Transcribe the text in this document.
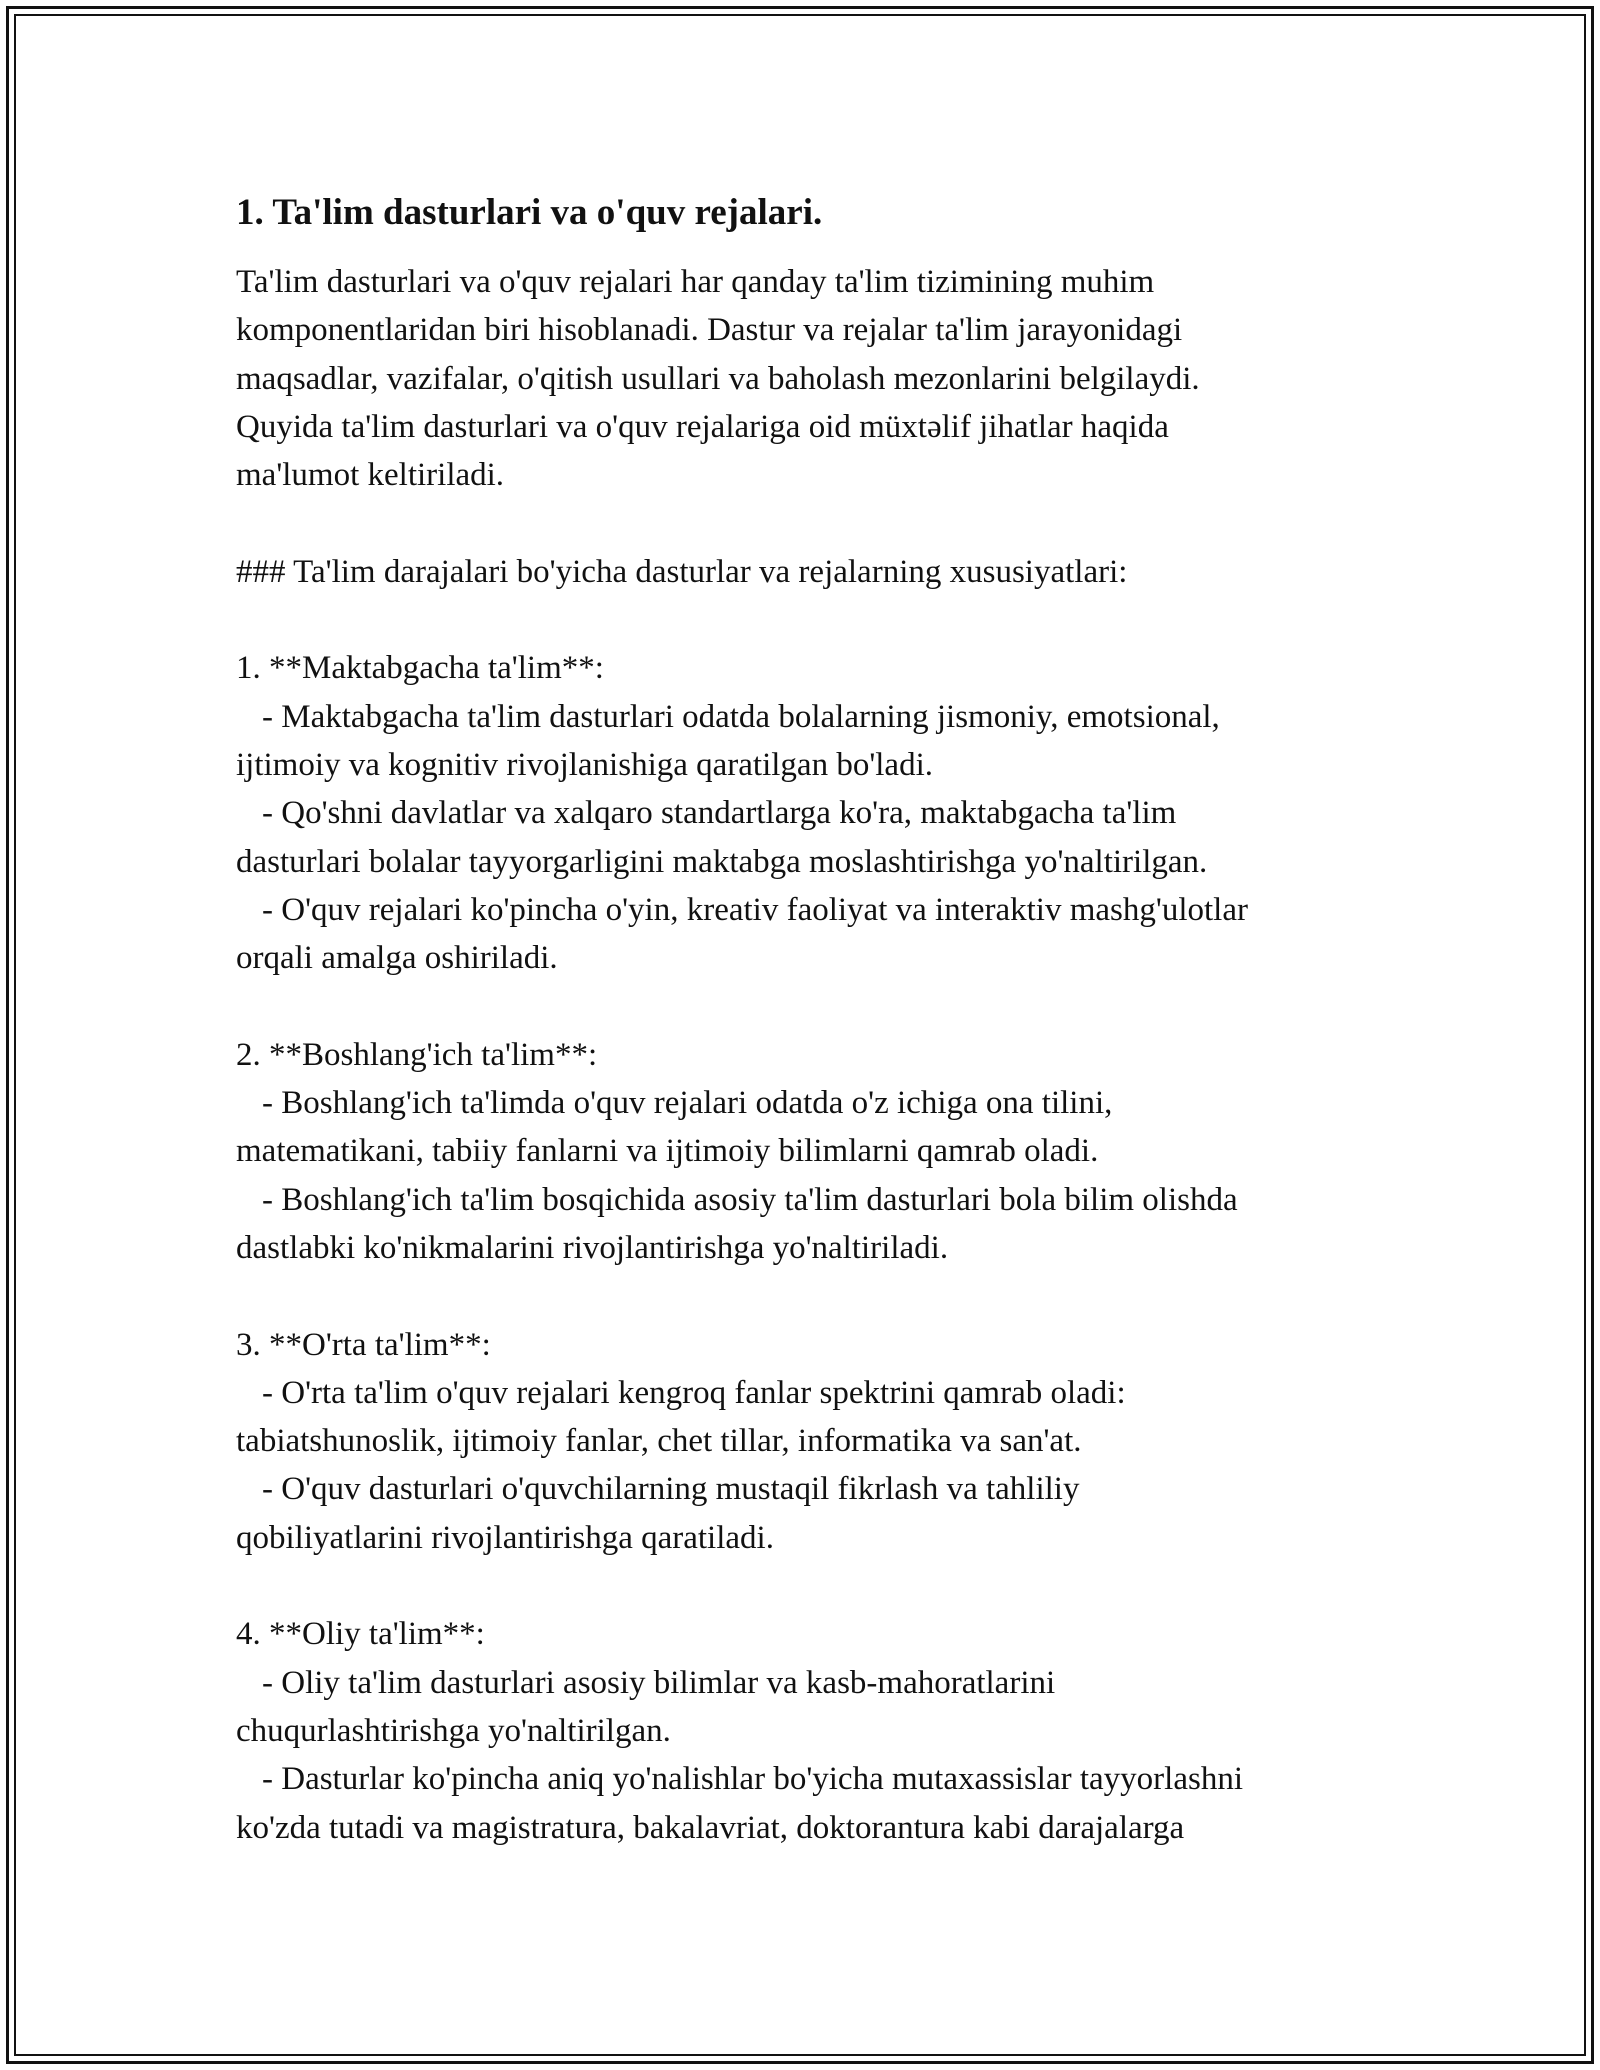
1. Ta'lim dasturlari va o'quv rejalari.
Ta'lim dasturlari va o'quv rejalari har qanday ta'lim tizimining muhim
komponentlaridan biri hisoblanadi. Dastur va rejalar ta'lim jarayonidagi
maqsadlar, vazifalar, o'qitish usullari va baholash mezonlarini belgilaydi.
Quyida ta'lim dasturlari va o'quv rejalariga oid müxtəlif jihatlar haqida
ma'lumot keltiriladi.
### Ta'lim darajalari bo'yicha dasturlar va rejalarning xususiyatlari:
1. **Maktabgacha ta'lim**:
- Maktabgacha ta'lim dasturlari odatda bolalarning jismoniy, emotsional,
ijtimoiy va kognitiv rivojlanishiga qaratilgan bo'ladi.
- Qo'shni davlatlar va xalqaro standartlarga ko'ra, maktabgacha ta'lim
dasturlari bolalar tayyorgarligini maktabga moslashtirishga yo'naltirilgan.
- O'quv rejalari ko'pincha o'yin, kreativ faoliyat va interaktiv mashg'ulotlar
orqali amalga oshiriladi.
2. **Boshlang'ich ta'lim**:
- Boshlang'ich ta'limda o'quv rejalari odatda o'z ichiga ona tilini,
matematikani, tabiiy fanlarni va ijtimoiy bilimlarni qamrab oladi.
- Boshlang'ich ta'lim bosqichida asosiy ta'lim dasturlari bola bilim olishda
dastlabki ko'nikmalarini rivojlantirishga yo'naltiriladi.
3. **O'rta ta'lim**:
- O'rta ta'lim o'quv rejalari kengroq fanlar spektrini qamrab oladi:
tabiatshunoslik, ijtimoiy fanlar, chet tillar, informatika va san'at.
- O'quv dasturlari o'quvchilarning mustaqil fikrlash va tahliliy
qobiliyatlarini rivojlantirishga qaratiladi.
4. **Oliy ta'lim**:
- Oliy ta'lim dasturlari asosiy bilimlar va kasb-mahoratlarini
chuqurlashtirishga yo'naltirilgan.
- Dasturlar ko'pincha aniq yo'nalishlar bo'yicha mutaxassislar tayyorlashni
ko'zda tutadi va magistratura, bakalavriat, doktorantura kabi darajalarga
